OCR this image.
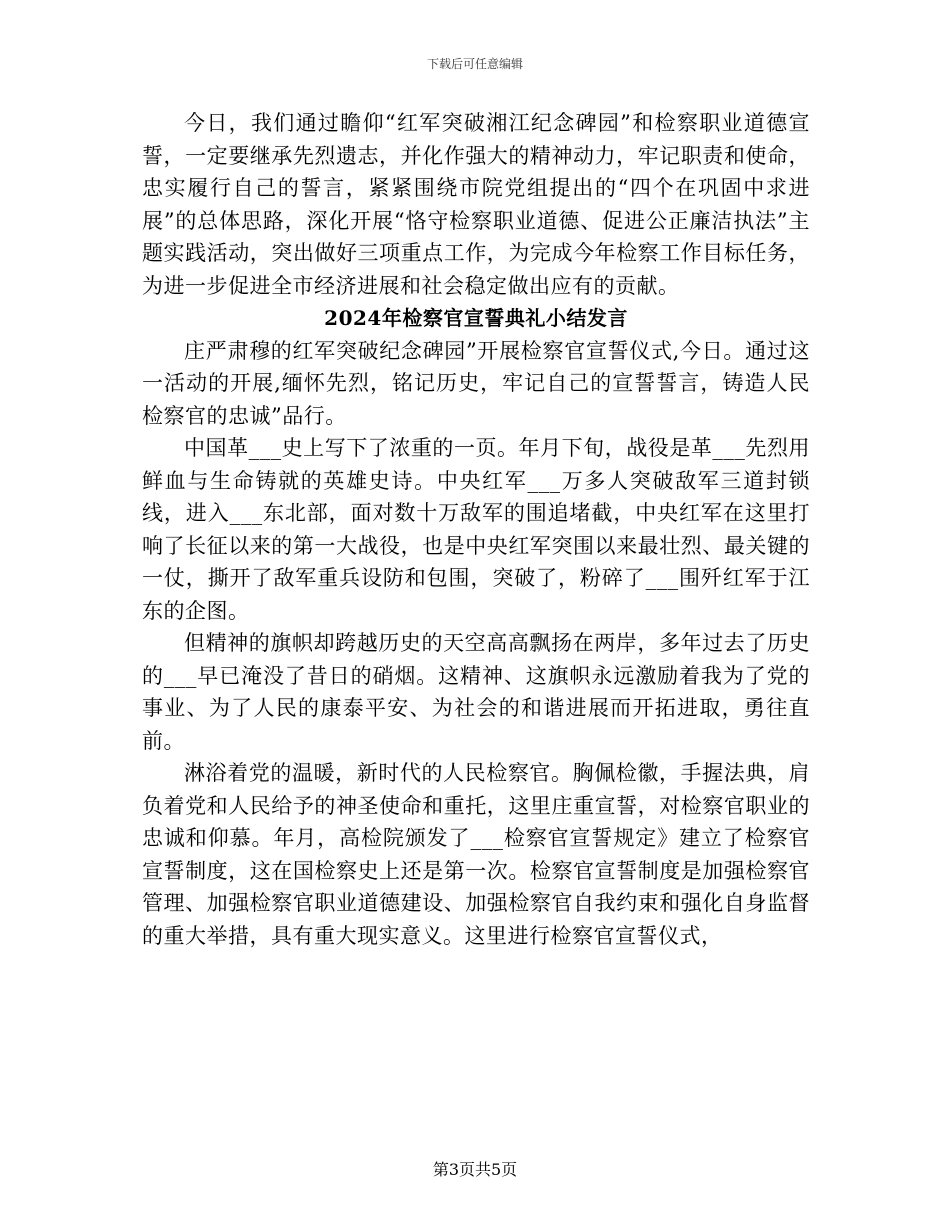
下载后可任意编辑

今日，我们通过瞻仰“红军突破湘江纪念碑园”和检察职业道德宣誓，一定要继承先烈遗志，并化作强大的精神动力，牢记职责和使命，忠实履行自己的誓言，紧紧围绕市院党组提出的“四个在巩固中求进展”的总体思路，深化开展“恪守检察职业道德、促进公正廉洁执法”主题实践活动，突出做好三项重点工作，为完成今年检察工作目标任务，为进一步促进全市经济进展和社会稳定做出应有的贡献。

2024年检察官宣誓典礼小结发言

庄严肃穆的红军突破纪念碑园”开展检察官宣誓仪式,今日。通过这一活动的开展,缅怀先烈，铭记历史，牢记自己的宣誓誓言，铸造人民检察官的忠诚”品行。

中国革___史上写下了浓重的一页。年月下旬，战役是革___先烈用鲜血与生命铸就的英雄史诗。中央红军___万多人突破敌军三道封锁线，进入___东北部，面对数十万敌军的围追堵截，中央红军在这里打响了长征以来的第一大战役，也是中央红军突围以来最壮烈、最关键的一仗，撕开了敌军重兵设防和包围，突破了，粉碎了___围歼红军于江东的企图。

但精神的旗帜却跨越历史的天空高高飘扬在两岸，多年过去了历史的___早已淹没了昔日的硝烟。这精神、这旗帜永远激励着我为了党的事业、为了人民的康泰平安、为社会的和谐进展而开拓进取，勇往直前。

淋浴着党的温暖，新时代的人民检察官。胸佩检徽，手握法典，肩负着党和人民给予的神圣使命和重托，这里庄重宣誓，对检察官职业的忠诚和仰慕。年月，高检院颁发了___检察官宣誓规定》建立了检察官宣誓制度，这在国检察史上还是第一次。检察官宣誓制度是加强检察官管理、加强检察官职业道德建设、加强检察官自我约束和强化自身监督的重大举措，具有重大现实意义。这里进行检察官宣誓仪式，

第3页共5页
